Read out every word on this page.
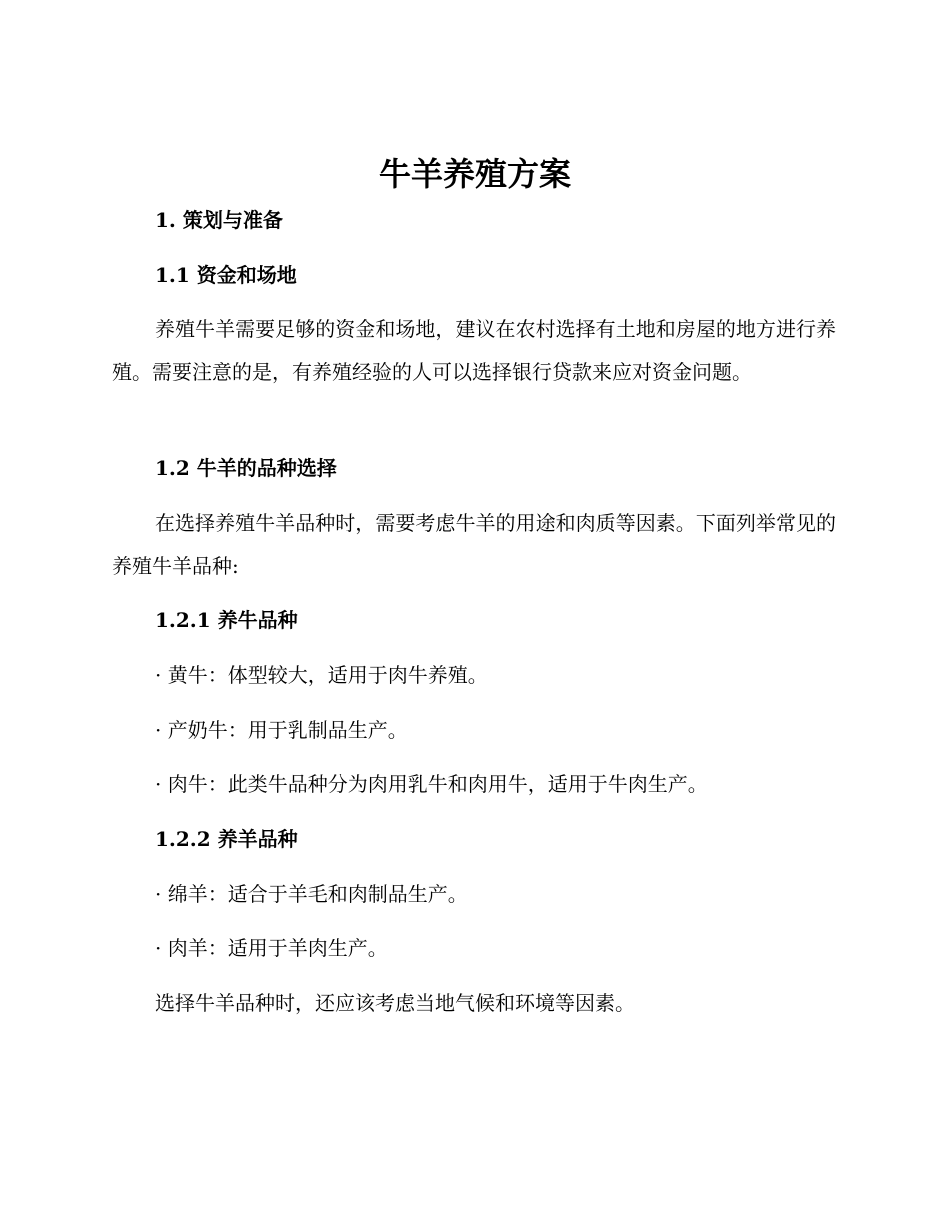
牛羊养殖方案

1. 策划与准备

1.1 资金和场地

养殖牛羊需要足够的资金和场地，建议在农村选择有土地和房屋的地方进行养殖。需要注意的是，有养殖经验的人可以选择银行贷款来应对资金问题。

1.2 牛羊的品种选择

在选择养殖牛羊品种时，需要考虑牛羊的用途和肉质等因素。下面列举常见的养殖牛羊品种:

1.2.1 养牛品种

· 黄牛：体型较大，适用于肉牛养殖。

· 产奶牛：用于乳制品生产。

· 肉牛：此类牛品种分为肉用乳牛和肉用牛，适用于牛肉生产。

1.2.2 养羊品种

· 绵羊：适合于羊毛和肉制品生产。

· 肉羊：适用于羊肉生产。

选择牛羊品种时，还应该考虑当地气候和环境等因素。
